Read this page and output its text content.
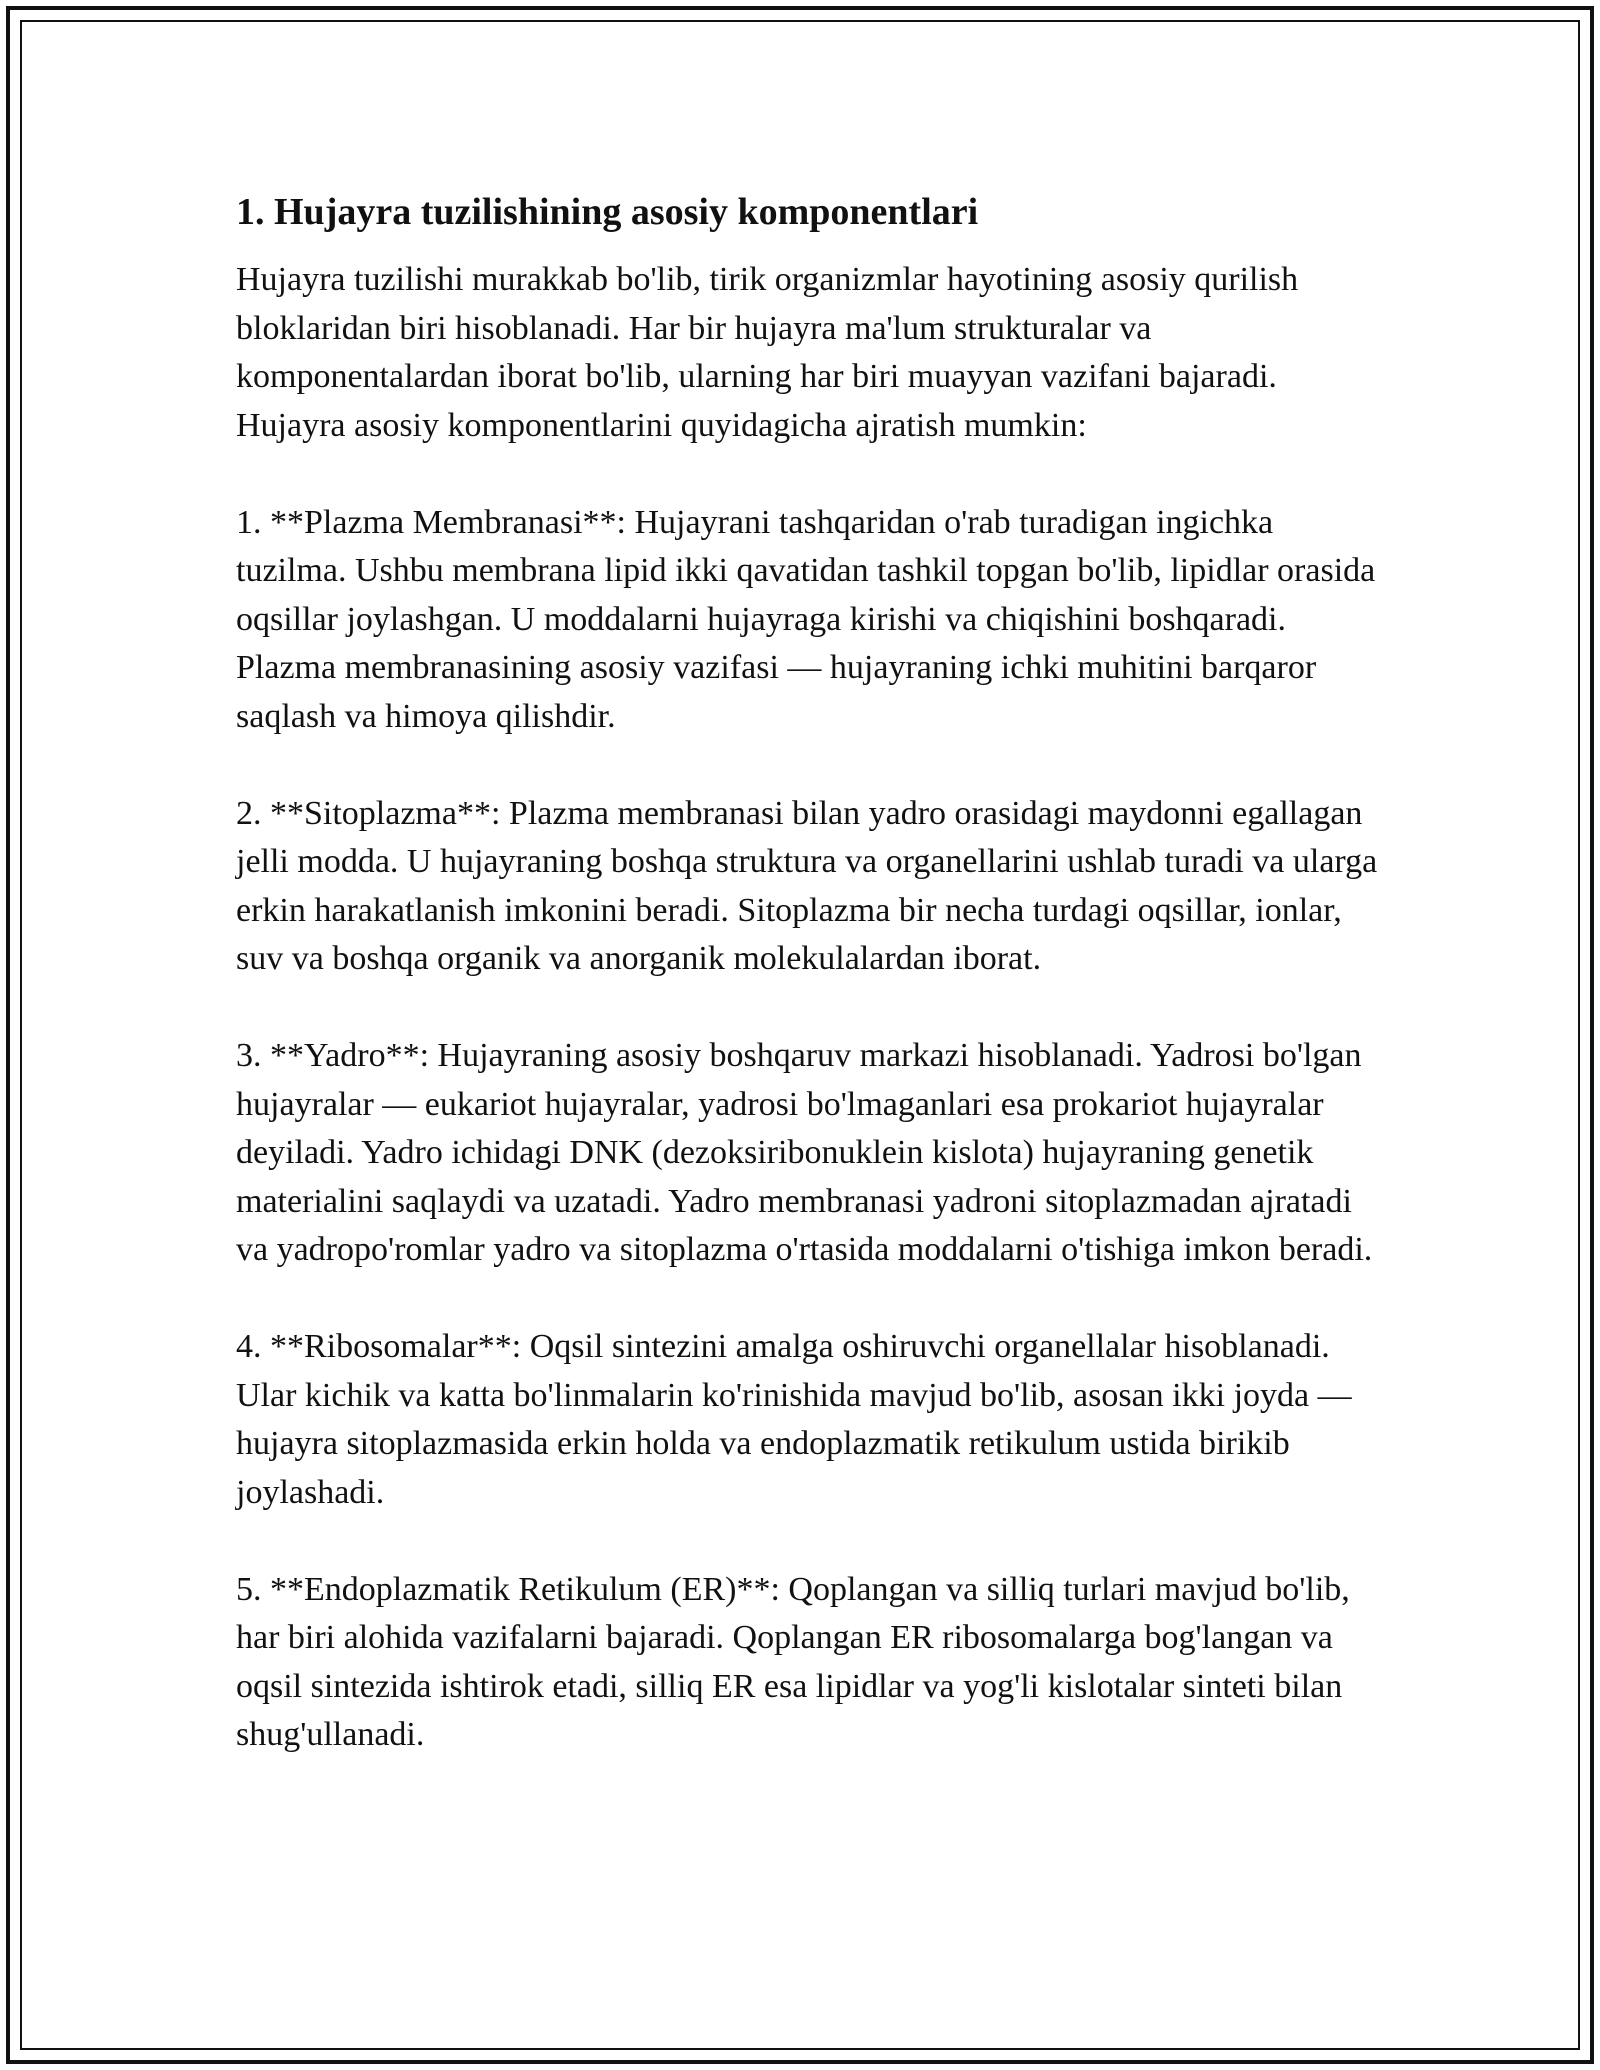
1. Hujayra tuzilishining asosiy komponentlari

Hujayra tuzilishi murakkab bo'lib, tirik organizmlar hayotining asosiy qurilish bloklaridan biri hisoblanadi. Har bir hujayra ma'lum strukturalar va komponentalardan iborat bo'lib, ularning har biri muayyan vazifani bajaradi. Hujayra asosiy komponentlarini quyidagicha ajratish mumkin:

1. **Plazma Membranasi**: Hujayrani tashqaridan o'rab turadigan ingichka tuzilma. Ushbu membrana lipid ikki qavatidan tashkil topgan bo'lib, lipidlar orasida oqsillar joylashgan. U moddalarni hujayraga kirishi va chiqishini boshqaradi. Plazma membranasining asosiy vazifasi — hujayraning ichki muhitini barqaror saqlash va himoya qilishdir.

2. **Sitoplazma**: Plazma membranasi bilan yadro orasidagi maydonni egallagan jelli modda. U hujayraning boshqa struktura va organellarini ushlab turadi va ularga erkin harakatlanish imkonini beradi. Sitoplazma bir necha turdagi oqsillar, ionlar, suv va boshqa organik va anorganik molekulalardan iborat.

3. **Yadro**: Hujayraning asosiy boshqaruv markazi hisoblanadi. Yadrosi bo'lgan hujayralar — eukariot hujayralar, yadrosi bo'lmaganlari esa prokariot hujayralar deyiladi. Yadro ichidagi DNK (dezoksiribonuklein kislota) hujayraning genetik materialini saqlaydi va uzatadi. Yadro membranasi yadroni sitoplazmadan ajratadi va yadropo'romlar yadro va sitoplazma o'rtasida moddalarni o'tishiga imkon beradi.

4. **Ribosomalar**: Oqsil sintezini amalga oshiruvchi organellalar hisoblanadi. Ular kichik va katta bo'linmalarin ko'rinishida mavjud bo'lib, asosan ikki joyda — hujayra sitoplazmasida erkin holda va endoplazmatik retikulum ustida birikib joylashadi.

5. **Endoplazmatik Retikulum (ER)**: Qoplangan va silliq turlari mavjud bo'lib, har biri alohida vazifalarni bajaradi. Qoplangan ER ribosomalarga bog'langan va oqsil sintezida ishtirok etadi, silliq ER esa lipidlar va yog'li kislotalar sinteti bilan shug'ullanadi.
